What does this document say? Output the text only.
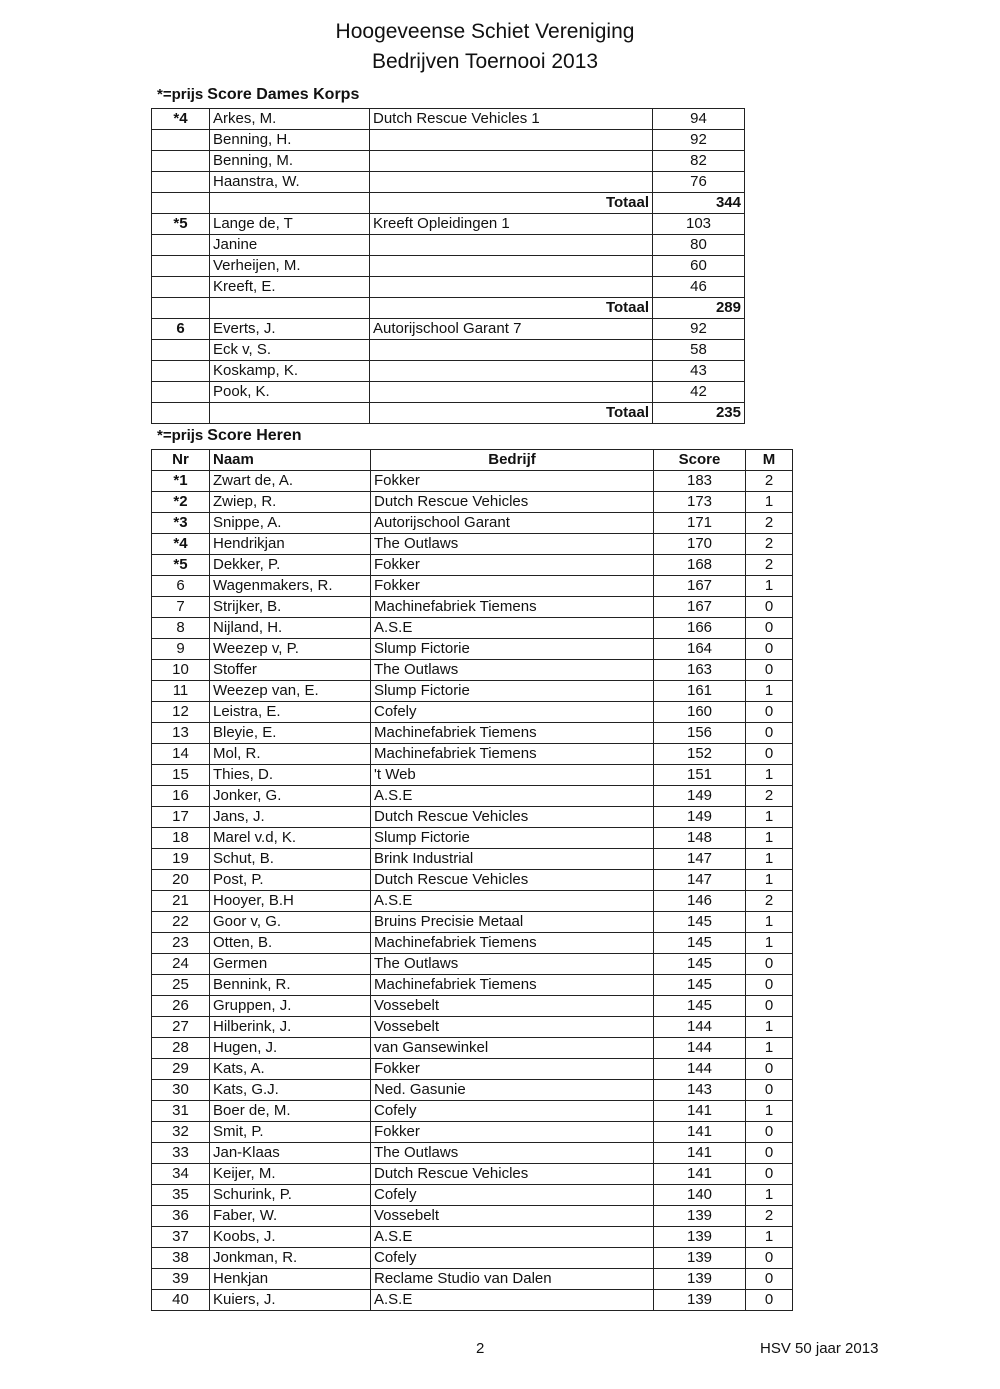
Hoogeveense Schiet Vereniging
Bedrijven Toernooi 2013
*=prijs Score Dames Korps
*4	Arkes, M.	Dutch Rescue Vehicles 1	94
	Benning, H.		92
	Benning, M.		82
	Haanstra, W.		76
		Totaal	344
*5	Lange de, T	Kreeft Opleidingen 1	103
	Janine		80
	Verheijen, M.		60
	Kreeft, E.		46
		Totaal	289
6	Everts, J.	Autorijschool Garant 7	92
	Eck v, S.		58
	Koskamp, K.		43
	Pook, K.		42
		Totaal	235
*=prijs Score Heren
Nr	Naam	Bedrijf	Score	M
*1	Zwart de, A.	Fokker	183	2
*2	Zwiep, R.	Dutch Rescue Vehicles	173	1
*3	Snippe, A.	Autorijschool Garant	171	2
*4	Hendrikjan	The Outlaws	170	2
*5	Dekker, P.	Fokker	168	2
6	Wagenmakers, R.	Fokker	167	1
7	Strijker, B.	Machinefabriek Tiemens	167	0
8	Nijland, H.	A.S.E	166	0
9	Weezep v, P.	Slump Fictorie	164	0
10	Stoffer	The Outlaws	163	0
11	Weezep van, E.	Slump Fictorie	161	1
12	Leistra, E.	Cofely	160	0
13	Bleyie, E.	Machinefabriek Tiemens	156	0
14	Mol, R.	Machinefabriek Tiemens	152	0
15	Thies, D.	't Web	151	1
16	Jonker, G.	A.S.E	149	2
17	Jans, J.	Dutch Rescue Vehicles	149	1
18	Marel v.d, K.	Slump Fictorie	148	1
19	Schut, B.	Brink Industrial	147	1
20	Post, P.	Dutch Rescue Vehicles	147	1
21	Hooyer, B.H	A.S.E	146	2
22	Goor v, G.	Bruins Precisie Metaal	145	1
23	Otten, B.	Machinefabriek Tiemens	145	1
24	Germen	The Outlaws	145	0
25	Bennink, R.	Machinefabriek Tiemens	145	0
26	Gruppen, J.	Vossebelt	145	0
27	Hilberink, J.	Vossebelt	144	1
28	Hugen, J.	van Gansewinkel	144	1
29	Kats, A.	Fokker	144	0
30	Kats, G.J.	Ned. Gasunie	143	0
31	Boer de, M.	Cofely	141	1
32	Smit, P.	Fokker	141	0
33	Jan-Klaas	The Outlaws	141	0
34	Keijer, M.	Dutch Rescue Vehicles	141	0
35	Schurink, P.	Cofely	140	1
36	Faber, W.	Vossebelt	139	2
37	Koobs, J.	A.S.E	139	1
38	Jonkman, R.	Cofely	139	0
39	Henkjan	Reclame Studio van Dalen	139	0
40	Kuiers, J.	A.S.E	139	0
2	HSV 50 jaar 2013
